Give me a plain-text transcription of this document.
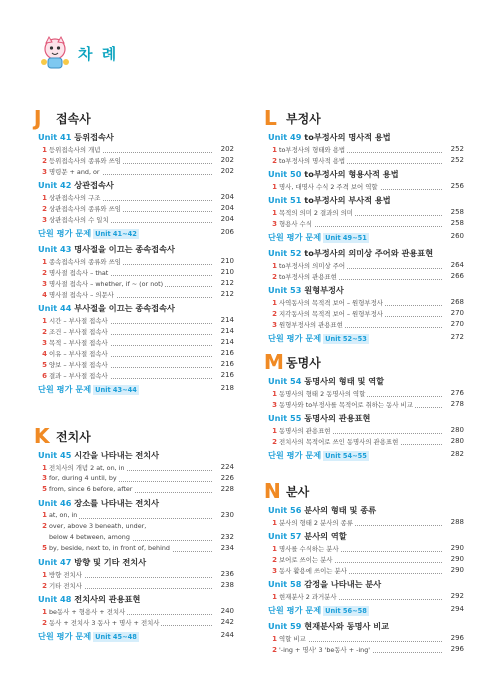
차 례
J 접속사
Unit 41 등위접속사
1 등위접속사의 개념	202
2 등위접속사의 종류와 쓰임	202
3 명령문 + and, or	202
Unit 42 상관접속사
1 상관접속사의 구조	204
2 상관접속사의 종류와 쓰임	204
3 상관접속사의 수 일치	204
단원 평가 문제 Unit 41~42	206
Unit 43 명사절을 이끄는 종속접속사
1 종속접속사의 종류와 쓰임	210
2 명사절 접속사 – that	210
3 명사절 접속사 – whether, if ~ (or not)	212
4 명사절 접속사 – 의문사	212
Unit 44 부사절을 이끄는 종속접속사
1 시간 – 부사절 접속사	214
2 조건 – 부사절 접속사	214
3 목적 – 부사절 접속사	214
4 이유 – 부사절 접속사	216
5 양보 – 부사절 접속사	216
6 결과 – 부사절 접속사	216
단원 평가 문제 Unit 43~44	218
K 전치사
Unit 45 시간을 나타내는 전치사
1 전치사의 개념 2 at, on, in	224
3 for, during 4 until, by	226
5 from, since 6 before, after	228
Unit 46 장소를 나타내는 전치사
1 at, on, in	230
2 over, above 3 beneath, under,
below 4 between, among	232
5 by, beside, next to, in front of, behind	234
Unit 47 방향 및 기타 전치사
1 방향 전치사	236
2 기타 전치사	238
Unit 48 전치사의 관용표현
1 be동사 + 형용사 + 전치사	240
2 동사 + 전치사 3 동사 + 명사 + 전치사	242
단원 평가 문제 Unit 45~48	244
L 부정사
Unit 49 to부정사의 명사적 용법
1 to부정사의 형태와 용법	252
2 to부정사의 명사적 용법	252
Unit 50 to부정사의 형용사적 용법
1 명사, 대명사 수식 2 주격 보어 역할	256
Unit 51 to부정사의 부사적 용법
1 목적의 의미 2 결과의 의미	258
3 형용사 수식	258
단원 평가 문제 Unit 49~51	260
Unit 52 to부정사의 의미상 주어와 관용표현
1 to부정사의 의미상 주어	264
2 to부정사의 관용표현	266
Unit 53 원형부정사
1 사역동사의 목적격 보어 – 원형부정사	268
2 지각동사의 목적격 보어 – 원형부정사	270
3 원형부정사의 관용표현	270
단원 평가 문제 Unit 52~53	272
M 동명사
Unit 54 동명사의 형태 및 역할
1 동명사의 형태 2 동명사의 역할	276
3 동명사와 to부정사를 목적어로 취하는 동사 비교	278
Unit 55 동명사의 관용표현
1 동명사의 관용표현	280
2 전치사의 목적어로 쓰인 동명사의 관용표현	280
단원 평가 문제 Unit 54~55	282
N 분사
Unit 56 분사의 형태 및 종류
1 분사의 형태 2 분사의 종류	288
Unit 57 분사의 역할
1 명사를 수식하는 분사	290
2 보어로 쓰이는 분사	290
3 동사 활용에 쓰이는 분사	290
Unit 58 감정을 나타내는 분사
1 현재분사 2 과거분사	292
단원 평가 문제 Unit 56~58	294
Unit 59 현재분사와 동명사 비교
1 역할 비교	296
2 '-ing + 명사' 3 'be동사 + -ing'	296
